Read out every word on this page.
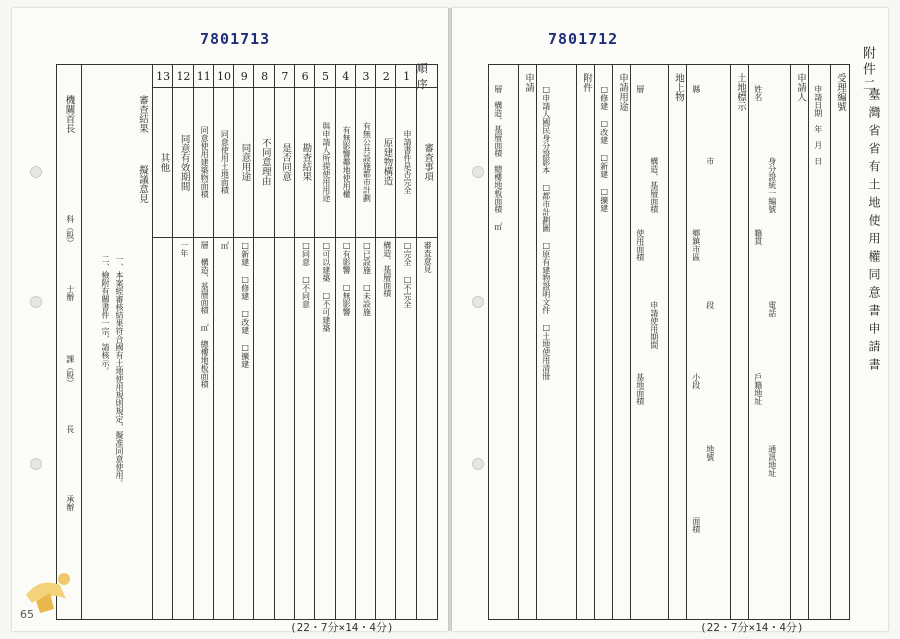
7801713
順序
審査事項
審査意見
1
申請書件是否完全
□完全 □不完全
2
原建物構造
構造、基層面積
3
有無公共設施都市計劃
□已設施 □未設施
4
有無影響鄰地使用權
□有影響 □無影響
5
與申請人所提使用用途
□可以建築 □不可建築
6
勘查結果
□同意 □不同意
7
是否同意
8
不同意理由
9
同意用途
□新建 □修建 □改建 □擴建
10
同意使用土地面積
㎡
11
同意使用建築物面積
層 構造、基層面積 ㎡ 總樓地板面積
12
同意有效期間
一年
13
其他
審查結果
擬議意見
機關首長
一、本案經審核結果符合國有土地使用規則規定，擬准同意使用。
二、檢附有關書件一宗，請核示。
科（股）
士辦
課（股）
長
承辦
65
(22・7分×14・4分)
7801712
附件二
臺灣省省有土地使用權同意書申請書
受理編號
申請日期　年　月　日
申請人
姓名
身分證統一編號
籍貫
電話
戶籍地址
通訊地址
土地標示
縣
市
鄉鎮市區
段
小段
地號
面積
地上物
層
構造、基層面積
使用面積
申請使用期間
基地面積
申請用途
□修建 □改建 □新建 □擴建
附件
□申請人國民身分證影本 □都市計劃圖 □原有建物證明文件 □土地使用清冊
申請
層　構造、基層面積　總樓地板面積 ㎡
(22・7分×14・4分)
